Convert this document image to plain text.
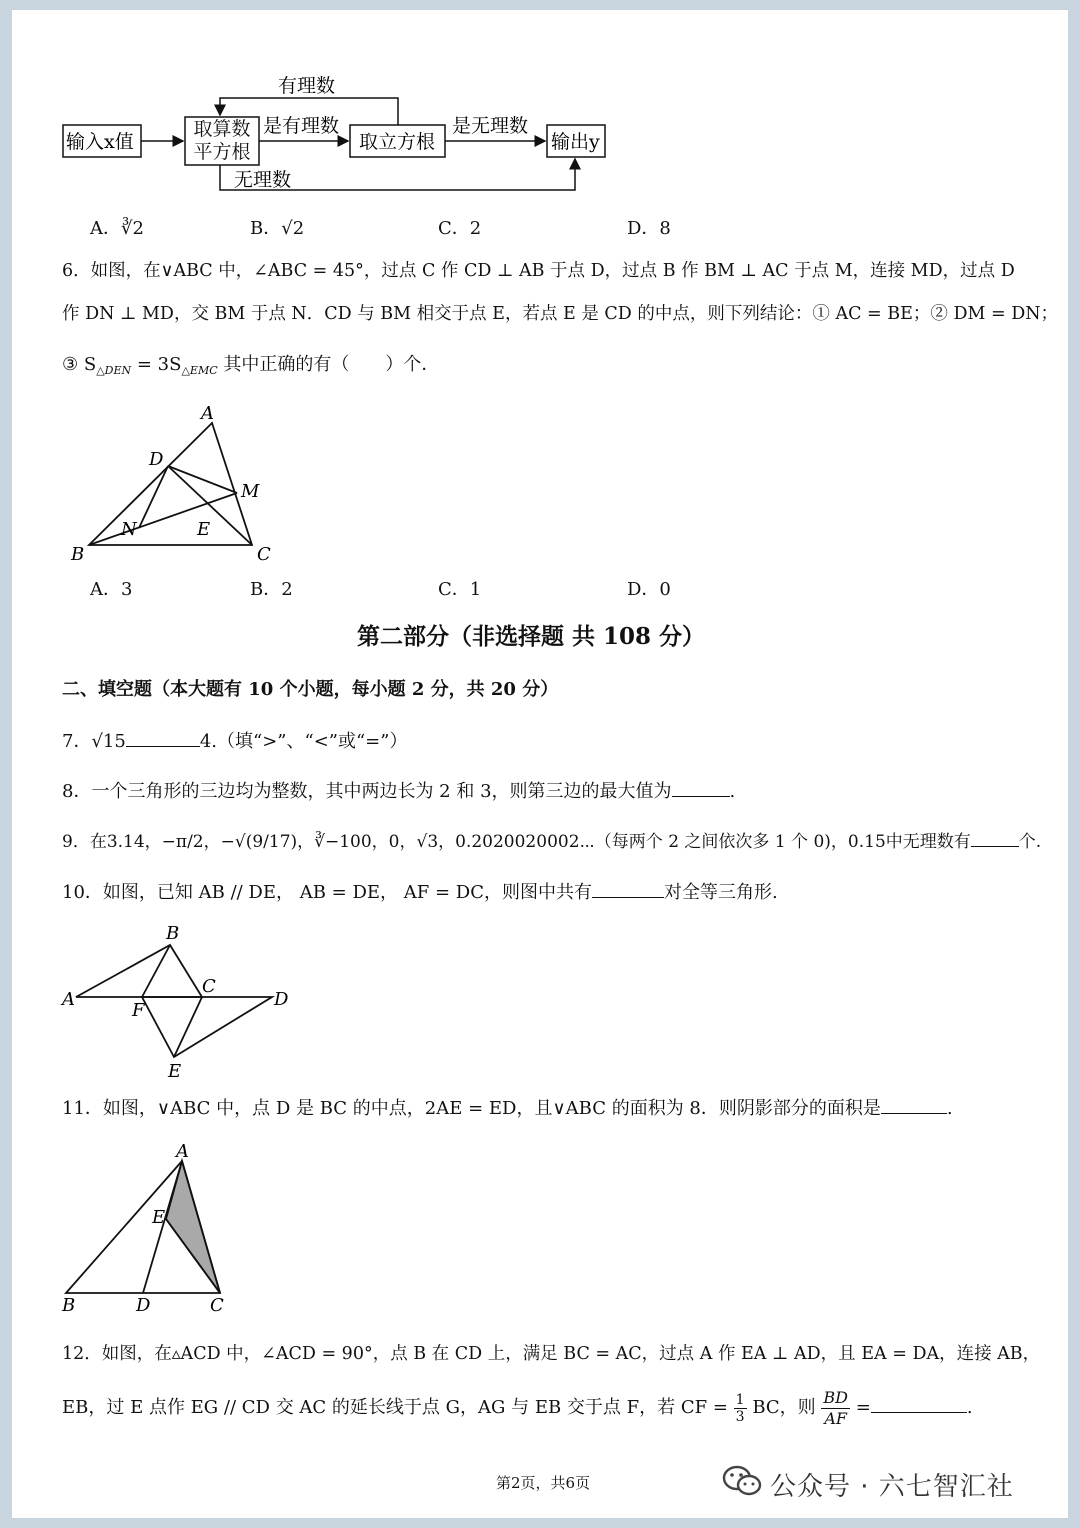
输入x值
取算数平方根	取立方根	输出y
有理数
是有理数	是无理数
无理数
A．∛2	B．√2	C．2	D．8
6．如图，在∨ABC 中，∠ABC = 45°，过点 C 作 CD ⊥ AB 于点 D，过点 B 作 BM ⊥ AC 于点 M，连接 MD，过点 D
作 DN ⊥ MD，交 BM 于点 N．CD 与 BM 相交于点 E，若点 E 是 CD 的中点，则下列结论：① AC = BE；② DM = DN；
③ $S_{\triangle DEN} = 3S_{\triangle EMC}$ 其中正确的有（　　）个．
A
B	C
D
M
N	E
A．3	B．2	C．1	D．0
第二部分（非选择题 共 108 分）
二、填空题（本大题有 10 个小题，每小题 2 分，共 20 分）
7．√15	4.（填“>”、“<”或“=”）
8．一个三角形的三边均为整数，其中两边长为 2 和 3，则第三边的最大值为	.
9．在3.14，−π/2，−√(9/17)，∛−100，0，√3，0.2020020002⋯（每两个 2 之间依次多 1 个 0)，0.15中无理数有	个.
10．如图，已知 AB // DE， AB = DE， AF = DC，则图中共有	对全等三角形.
A
B
C
D
E
F
11．如图，∨ABC 中，点 D 是 BC 的中点，2AE = ED，且∨ABC 的面积为 8．则阴影部分的面积是	.
A
B	C
D
E
12．如图，在▵ACD 中，∠ACD = 90°，点 B 在 CD 上，满足 BC = AC，过点 A 作 EA ⊥ AD，且 EA = DA，连接 AB，
EB，过 E 点作 EG // CD 交 AC 的延长线于点 G，AG 与 EB 交于点 F，若 CF = $\frac{1}{3}$ BC，则 $\frac{BD}{AF}$ =	.
第2页，共6页	公众号 · 六七智汇社
